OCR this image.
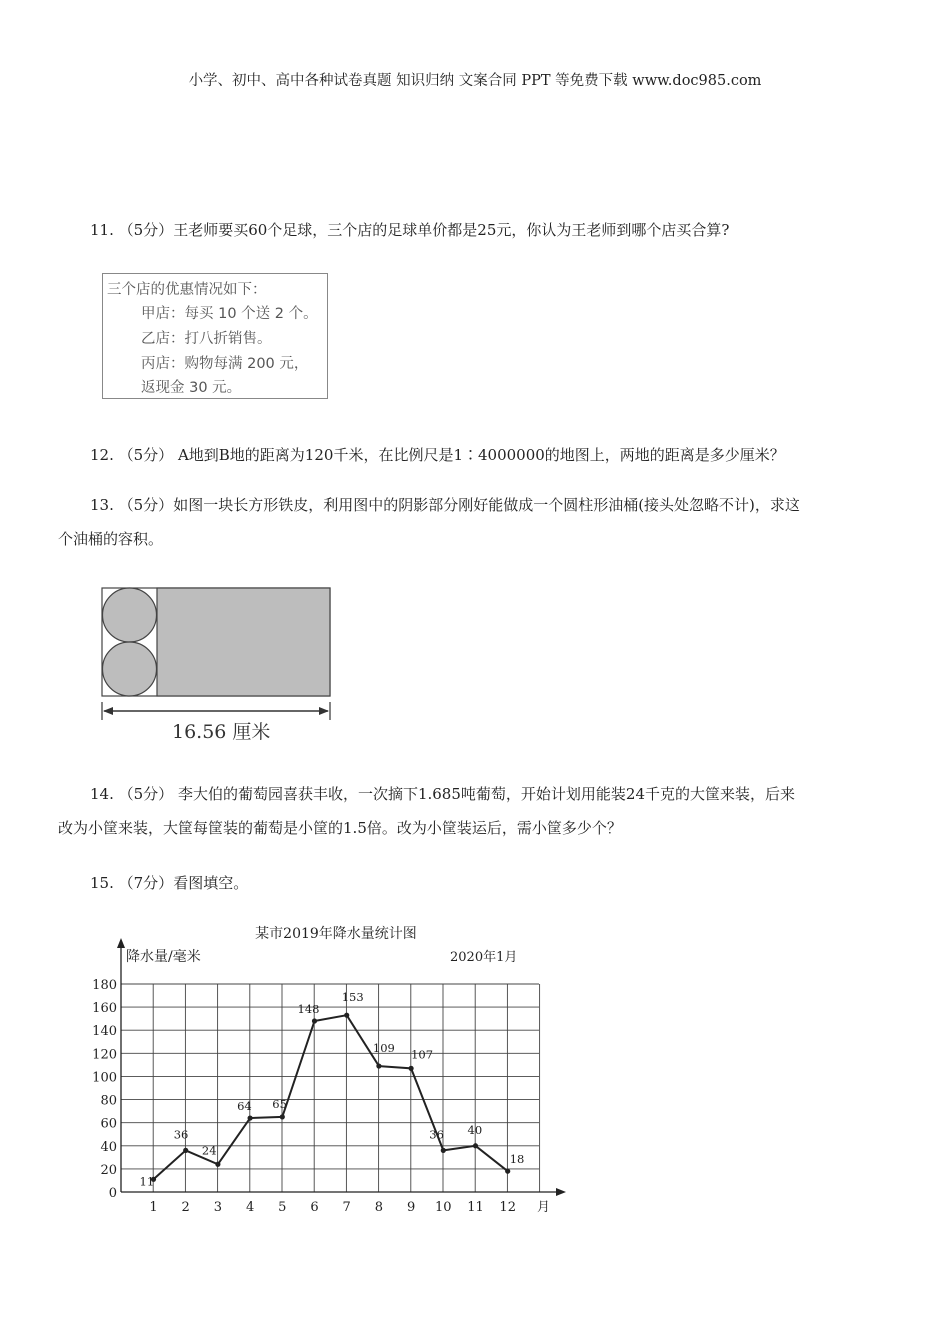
小学、初中、高中各种试卷真题 知识归纳 文案合同 PPT 等免费下载 www.doc985.com
11. （5分）王老师要买60个足球，三个店的足球单价都是25元，你认为王老师到哪个店买合算?
三个店的优惠情况如下：
甲店：每买 10 个送 2 个。
乙店：打八折销售。
丙店：购物每满 200 元，
返现金 30 元。
12. （5分） A地到B地的距离为120千米，在比例尺是1∶4000000的地图上，两地的距离是多少厘米？
13. （5分）如图一块长方形铁皮，利用图中的阴影部分刚好能做成一个圆柱形油桶(接头处忽略不计)，求这
个油桶的容积。
16.56 厘米
14. （5分） 李大伯的葡萄园喜获丰收，一次摘下1.685吨葡萄，开始计划用能装24千克的大筐来装，后来
改为小筐来装，大筐每筐装的葡萄是小筐的1.5倍。改为小筐装运后，需小筐多少个？
15. （7分）看图填空。
某市2019年降水量统计图
降水量/毫米	2020年1月
月
0
20
40
60
80
100
120
140
160
180
1 2 3 4 5 6 7 8 9 10 11 12
11
36
24
64 65
148
153
109 107
36 40
18
